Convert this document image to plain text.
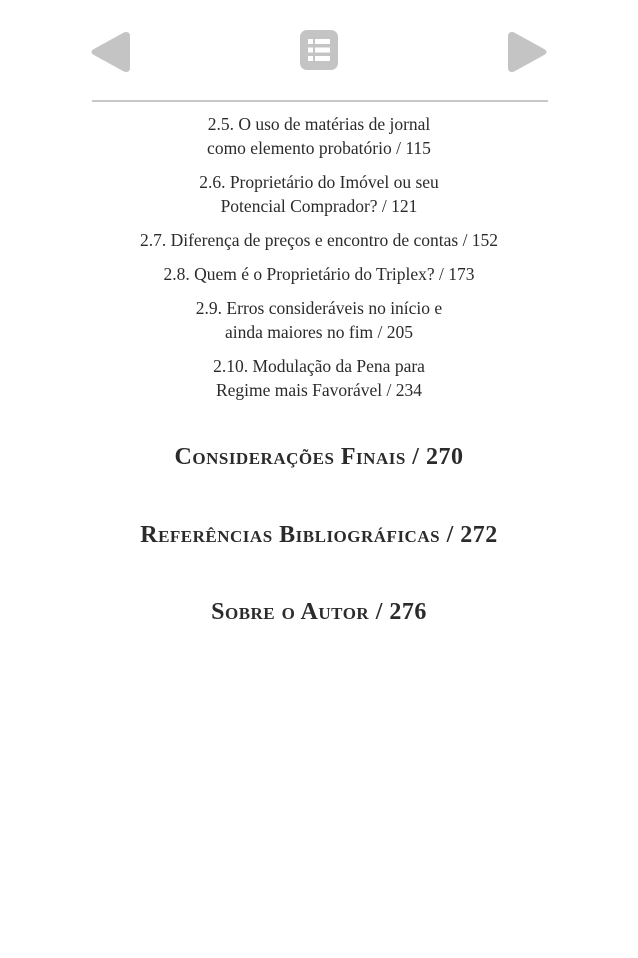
2.5. O uso de matérias de jornal
como elemento probatório / 115
2.6. Proprietário do Imóvel ou seu
Potencial Comprador? / 121
2.7. Diferença de preços e encontro de contas / 152
2.8. Quem é o Proprietário do Triplex? / 173
2.9. Erros consideráveis no início e
ainda maiores no fim / 205
2.10. Modulação da Pena para
Regime mais Favorável / 234
Considerações Finais / 270
Referências Bibliográficas / 272
Sobre o Autor / 276
